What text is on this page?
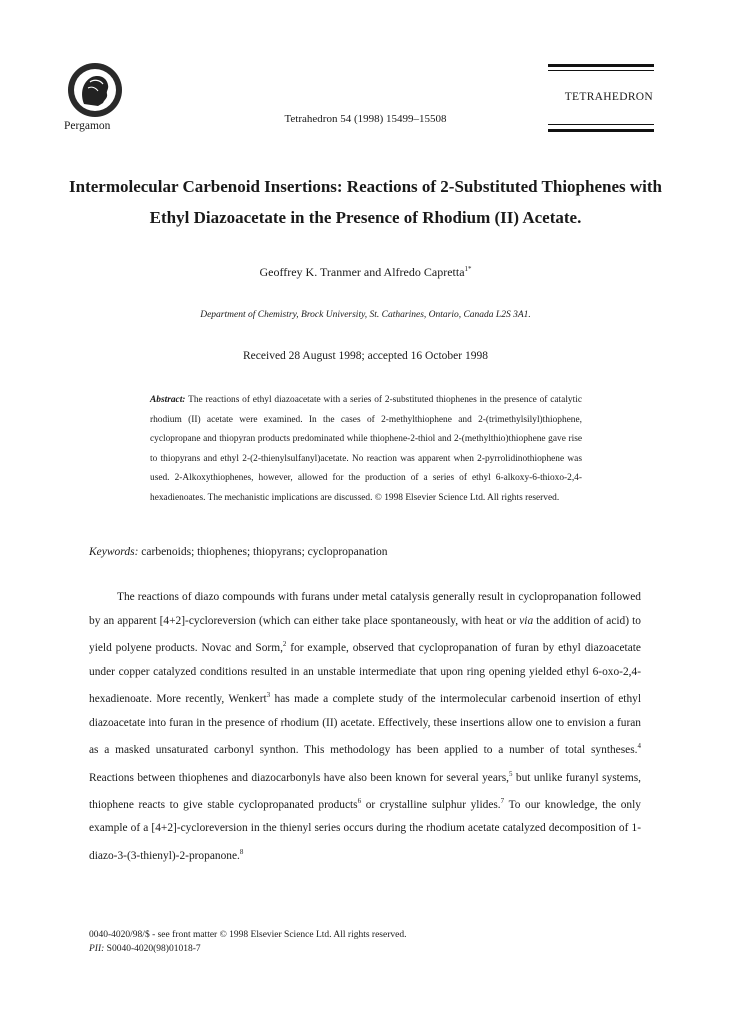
Pergamon
Tetrahedron 54 (1998) 15499–15508
TETRAHEDRON
Intermolecular Carbenoid Insertions: Reactions of 2-Substituted Thiophenes with Ethyl Diazoacetate in the Presence of Rhodium (II) Acetate.
Geoffrey K. Tranmer and Alfredo Capretta$^{1*}$
Department of Chemistry, Brock University, St. Catharines, Ontario, Canada L2S 3A1.
Received 28 August 1998; accepted 16 October 1998
Abstract: The reactions of ethyl diazoacetate with a series of 2-substituted thiophenes in the presence of catalytic rhodium (II) acetate were examined. In the cases of 2-methylthiophene and 2-(trimethylsilyl)thiophene, cyclopropane and thiopyran products predominated while thiophene-2-thiol and 2-(methylthio)thiophene gave rise to thiopyrans and ethyl 2-(2-thienylsulfanyl)acetate. No reaction was apparent when 2-pyrrolidinothiophene was used. 2-Alkoxythiophenes, however, allowed for the production of a series of ethyl 6-alkoxy-6-thioxo-2,4-hexadienoates. The mechanistic implications are discussed. © 1998 Elsevier Science Ltd. All rights reserved.
Keywords: carbenoids; thiophenes; thiopyrans; cyclopropanation
The reactions of diazo compounds with furans under metal catalysis generally result in cyclopropanation followed by an apparent [4+2]-cycloreversion (which can either take place spontaneously, with heat or via the addition of acid) to yield polyene products. Novac and Sorm,$^2$ for example, observed that cyclopropanation of furan by ethyl diazoacetate under copper catalyzed conditions resulted in an unstable intermediate that upon ring opening yielded ethyl 6-oxo-2,4-hexadienoate. More recently, Wenkert$^3$ has made a complete study of the intermolecular carbenoid insertion of ethyl diazoacetate into furan in the presence of rhodium (II) acetate. Effectively, these insertions allow one to envision a furan as a masked unsaturated carbonyl synthon. This methodology has been applied to a number of total syntheses.$^4$ Reactions between thiophenes and diazocarbonyls have also been known for several years,$^5$ but unlike furanyl systems, thiophene reacts to give stable cyclopropanated products$^6$ or crystalline sulphur ylides.$^7$ To our knowledge, the only example of a [4+2]-cycloreversion in the thienyl series occurs during the rhodium acetate catalyzed decomposition of 1-diazo-3-(3-thienyl)-2-propanone.$^8$
0040-4020/98/$ - see front matter © 1998 Elsevier Science Ltd. All rights reserved.
PII: S0040-4020(98)01018-7
